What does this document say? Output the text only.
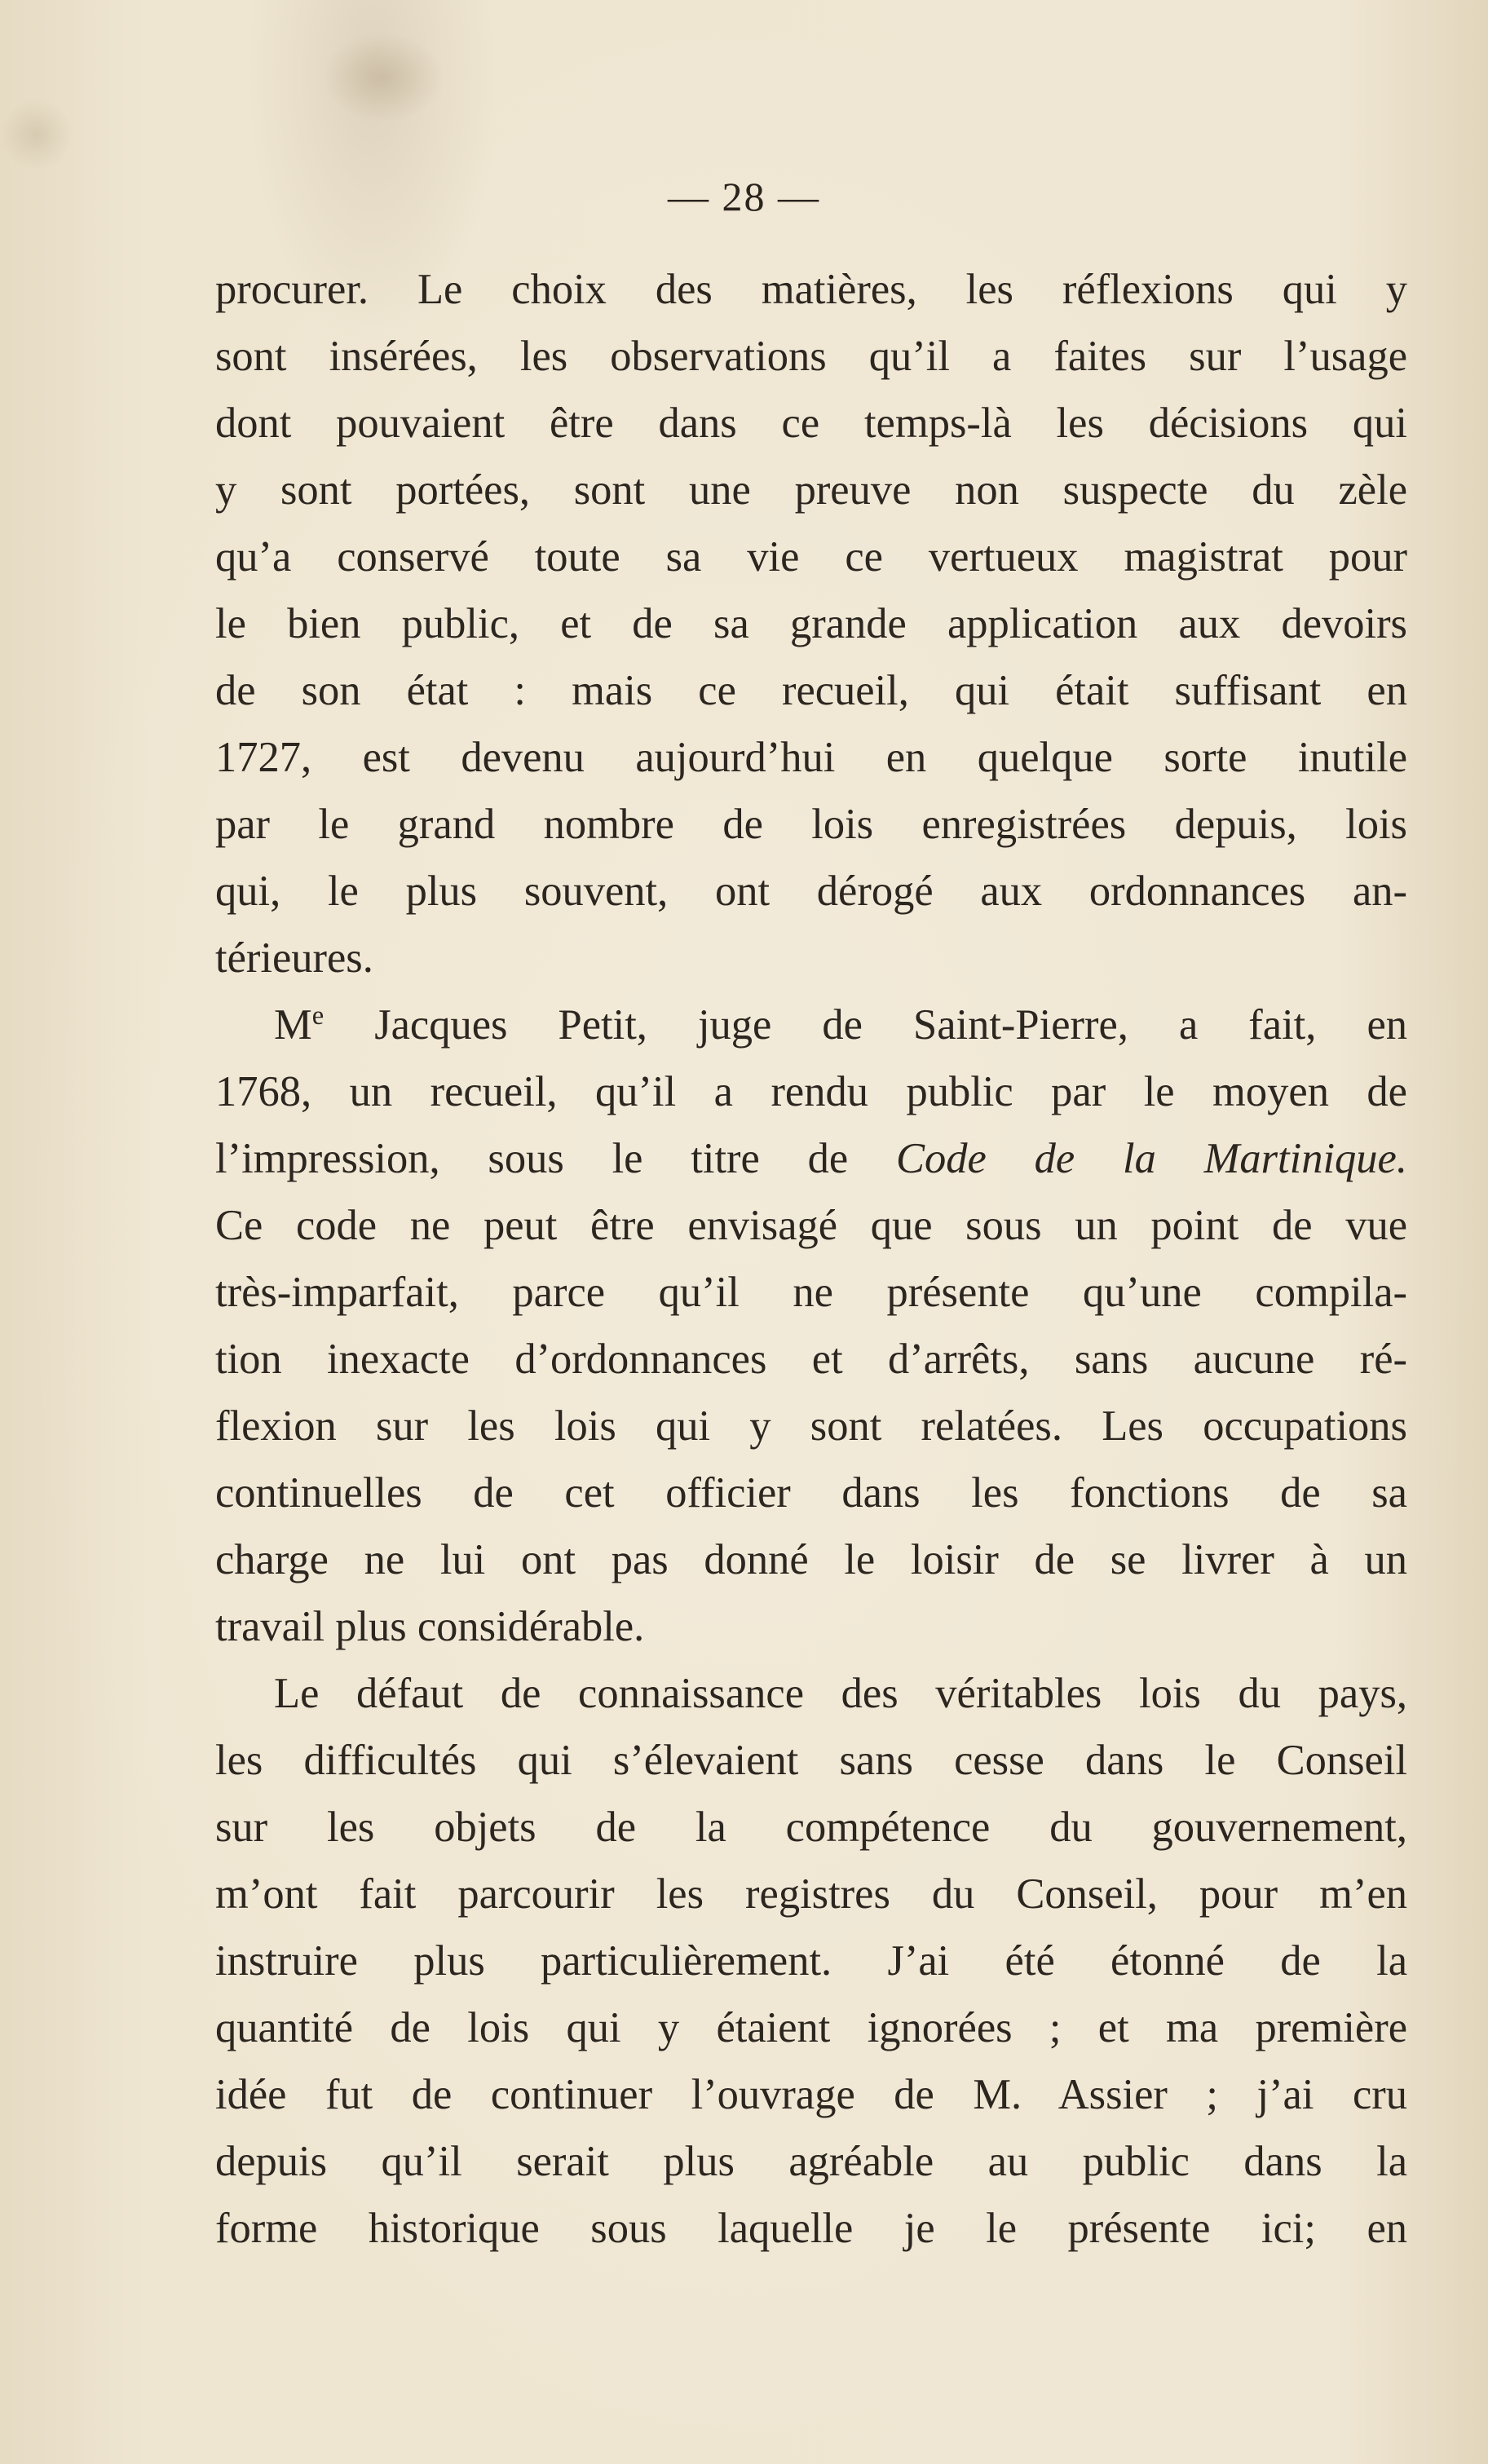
— 28 —
procurer. Le choix des matières, les réflexions qui y
sont insérées, les observations qu’il a faites sur l’usage
dont pouvaient être dans ce temps-là les décisions qui
y sont portées, sont une preuve non suspecte du zèle
qu’a conservé toute sa vie ce vertueux magistrat pour
le bien public, et de sa grande application aux devoirs
de son état : mais ce recueil, qui était suffisant en
1727, est devenu aujourd’hui en quelque sorte inutile
par le grand nombre de lois enregistrées depuis, lois
qui, le plus souvent, ont dérogé aux ordonnances an-
térieures.
Me Jacques Petit, juge de Saint-Pierre, a fait, en
1768, un recueil, qu’il a rendu public par le moyen de
l’impression, sous le titre de Code de la Martinique.
Ce code ne peut être envisagé que sous un point de vue
très-imparfait, parce qu’il ne présente qu’une compila-
tion inexacte d’ordonnances et d’arrêts, sans aucune ré-
flexion sur les lois qui y sont relatées. Les occupations
continuelles de cet officier dans les fonctions de sa
charge ne lui ont pas donné le loisir de se livrer à un
travail plus considérable.
Le défaut de connaissance des véritables lois du pays,
les difficultés qui s’élevaient sans cesse dans le Conseil
sur les objets de la compétence du gouvernement,
m’ont fait parcourir les registres du Conseil, pour m’en
instruire plus particulièrement. J’ai été étonné de la
quantité de lois qui y étaient ignorées ; et ma première
idée fut de continuer l’ouvrage de M. Assier ; j’ai cru
depuis qu’il serait plus agréable au public dans la
forme historique sous laquelle je le présente ici; en
